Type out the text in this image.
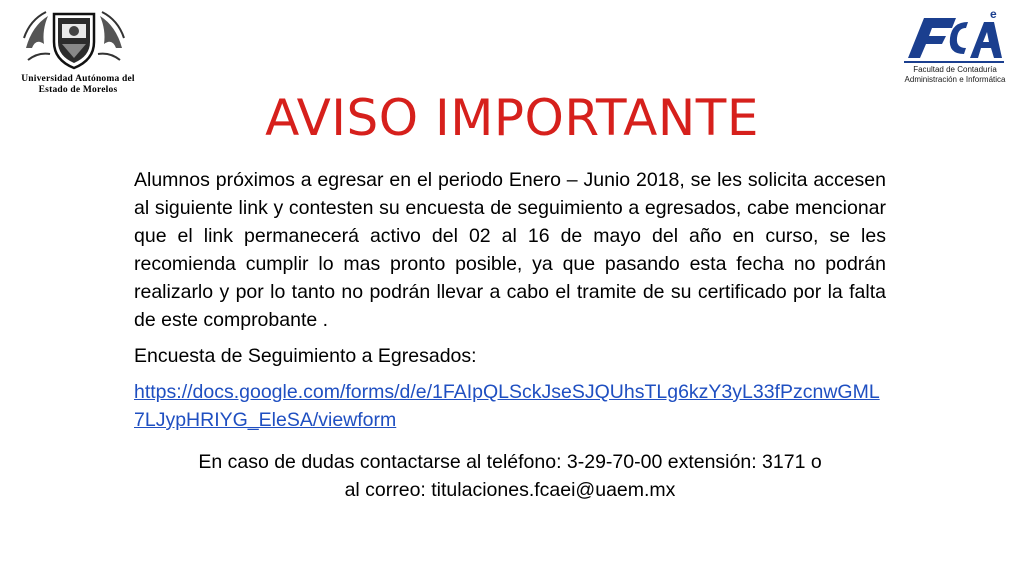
Universidad Autónoma del
Estado de Morelos
e
Facultad de Contaduría
Administración e Informática
AVISO IMPORTANTE

Alumnos próximos a egresar en el periodo Enero – Junio 2018, se les solicita accesen al siguiente link y contesten su encuesta de seguimiento a egresados, cabe mencionar que el link permanecerá activo del 02 al 16 de mayo del año en curso, se les recomienda cumplir lo mas pronto posible, ya que pasando esta fecha no podrán realizarlo y por lo tanto no podrán llevar a cabo el tramite de su certificado por la falta de este comprobante .

Encuesta de Seguimiento a Egresados:

https://docs.google.com/forms/d/e/1FAIpQLSckJseSJQUhsTLg6kzY3yL33fPzcnwGML7LJypHRIYG_EleSA/viewform

En caso de dudas contactarse al teléfono: 3-29-70-00 extensión: 3171 o
al correo: titulaciones.fcaei@uaem.mx
